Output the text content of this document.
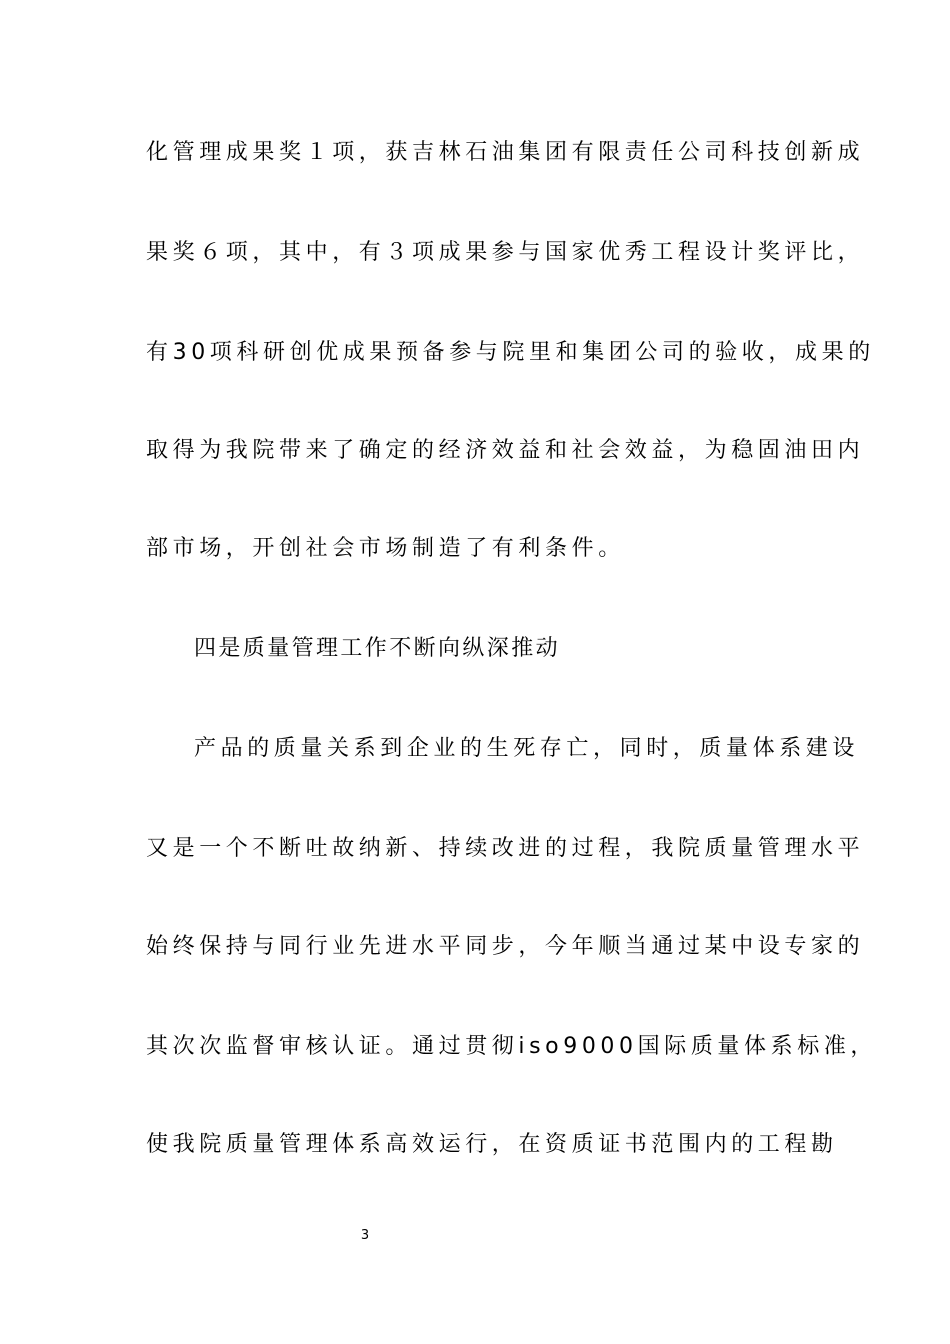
化管理成果奖１项，获吉林石油集团有限责任公司科技创新成
果奖６项，其中，有３项成果参与国家优秀工程设计奖评比，
有30项科研创优成果预备参与院里和集团公司的验收，成果的
取得为我院带来了确定的经济效益和社会效益，为稳固油田内
部市场，开创社会市场制造了有利条件。
四是质量管理工作不断向纵深推动
产品的质量关系到企业的生死存亡，同时，质量体系建设
又是一个不断吐故纳新、持续改进的过程，我院质量管理水平
始终保持与同行业先进水平同步，今年顺当通过某中设专家的
其次次监督审核认证。通过贯彻iso9000国际质量体系标准，
使我院质量管理体系高效运行，在资质证书范围内的工程勘
3
